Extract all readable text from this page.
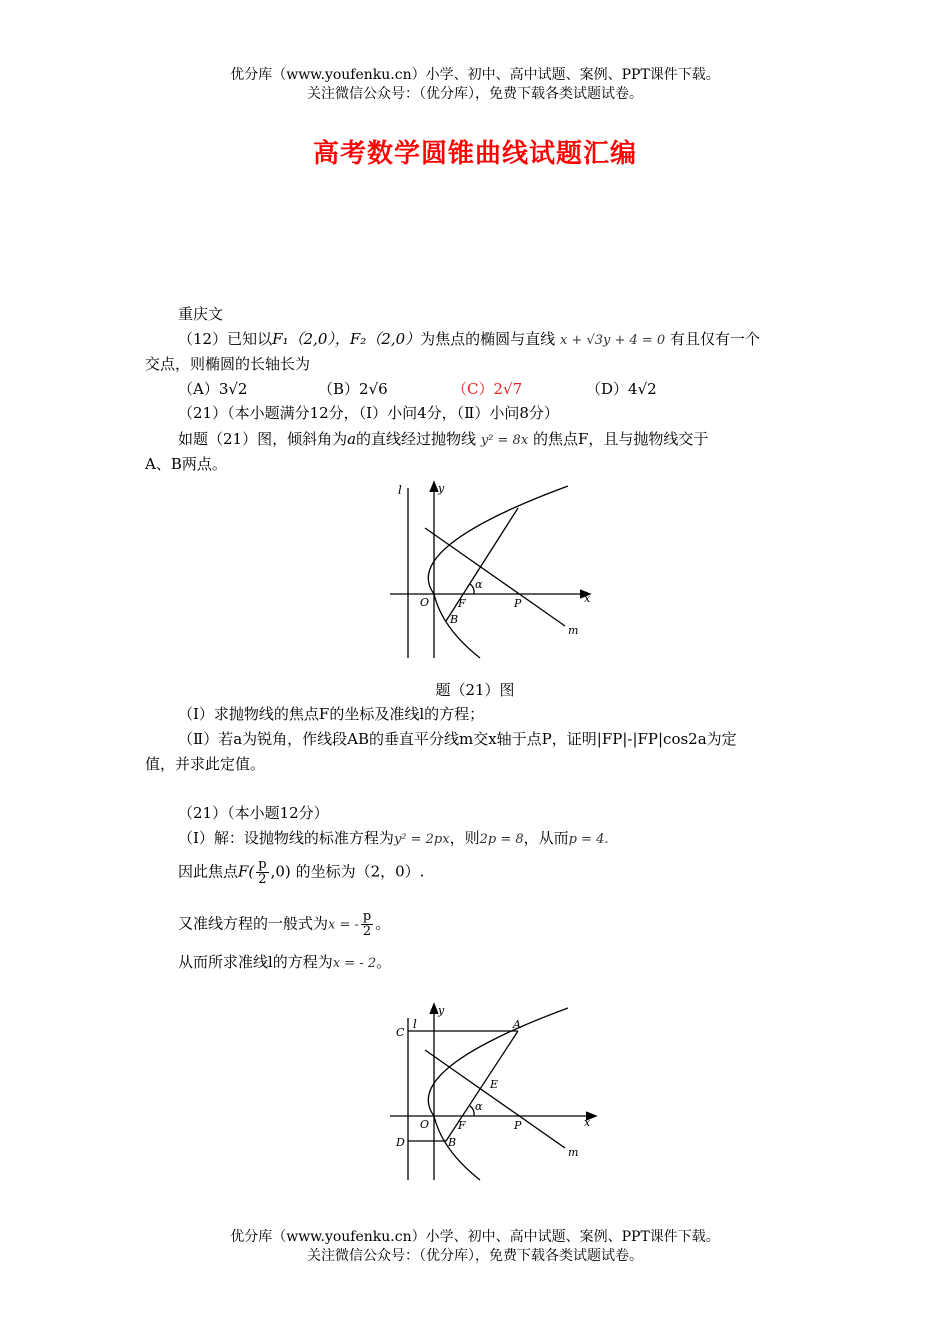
优分库（www.youfenku.cn）小学、初中、高中试题、案例、PPT课件下载。
关注微信公众号：（优分库），免费下载各类试题试卷。
高考数学圆锥曲线试题汇编
重庆文
（12）已知以F₁（2,0），F₂（2,0）为焦点的椭圆与直线 x + √3y + 4 = 0 有且仅有一个
交点，则椭圆的长轴长为
（A）3√2	（B）2√6	（C）2√7	（D）4√2
（21）（本小题满分12分，（Ⅰ）小问4分，（Ⅱ）小问8分）
如题（21）图，倾斜角为a的直线经过抛物线 y² = 8x 的焦点F，且与抛物线交于
A、B两点。
l	y
x
O	F	P
B
m
α
题（21）图
（Ⅰ）求抛物线的焦点F的坐标及准线l的方程；
（Ⅱ）若a为锐角，作线段AB的垂直平分线m交x轴于点P，证明|FP|-|FP|cos2a为定
值，并求此定值。
（21）（本小题12分）
（Ⅰ）解：设抛物线的标准方程为y² = 2px，则2p = 8，从而p = 4.
因此焦点$F( \frac{p}{2} ,0)$ 的坐标为（2，0）.
又准线方程的一般式为x = - $\frac{p}{2}$ 。
从而所求准线l的方程为x = - 2。
l
y
x
C
D
A
E
O	F	P
B
m
α
优分库（www.youfenku.cn）小学、初中、高中试题、案例、PPT课件下载。
关注微信公众号：（优分库），免费下载各类试题试卷。
